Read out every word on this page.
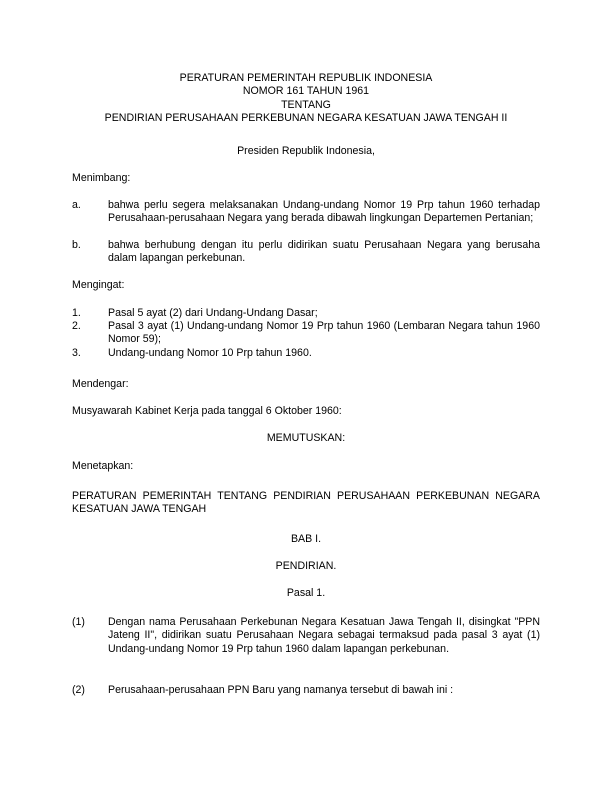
PERATURAN PEMERINTAH REPUBLIK INDONESIA
NOMOR 161 TAHUN 1961
TENTANG
PENDIRIAN PERUSAHAAN PERKEBUNAN NEGARA KESATUAN JAWA TENGAH II
Presiden Republik Indonesia,
Menimbang:
a.	bahwa perlu segera melaksanakan Undang-undang Nomor 19 Prp tahun 1960 terhadap Perusahaan-perusahaan Negara yang berada dibawah lingkungan Departemen Pertanian;
b.	bahwa berhubung dengan itu perlu didirikan suatu Perusahaan Negara yang berusaha dalam lapangan perkebunan.
Mengingat:
1.	Pasal 5 ayat (2) dari Undang-Undang Dasar;
2.	Pasal 3 ayat (1) Undang-undang Nomor 19 Prp tahun 1960 (Lembaran Negara tahun 1960 Nomor 59);
3.	Undang-undang Nomor 10 Prp tahun 1960.
Mendengar:
Musyawarah Kabinet Kerja pada tanggal 6 Oktober 1960:
MEMUTUSKAN:
Menetapkan:
PERATURAN PEMERINTAH TENTANG PENDIRIAN PERUSAHAAN PERKEBUNAN NEGARA KESATUAN JAWA TENGAH
BAB I.
PENDIRIAN.
Pasal 1.
(1) Dengan nama Perusahaan Perkebunan Negara Kesatuan Jawa Tengah II, disingkat "PPN Jateng II", didirikan suatu Perusahaan Negara sebagai termaksud pada pasal 3 ayat (1) Undang-undang Nomor 19 Prp tahun 1960 dalam lapangan perkebunan.
(2) Perusahaan-perusahaan PPN Baru yang namanya tersebut di bawah ini :
